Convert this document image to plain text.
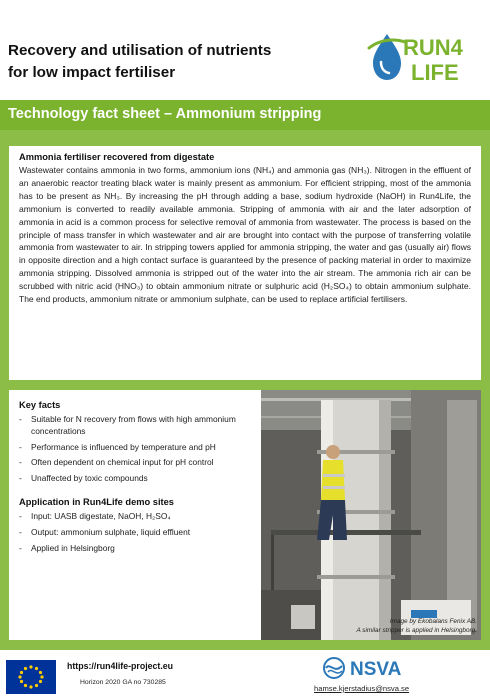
Recovery and utilisation of nutrients
for low impact fertiliser
RUN4
LIFE
Technology fact sheet – Ammonium stripping
Ammonia fertiliser recovered from digestate

Wastewater contains ammonia in two forms, ammonium ions (NH₄) and ammonia gas (NH₃). Nitrogen in the effluent of an anaerobic reactor treating black water is mainly present as ammonium. For efficient stripping, most of the ammonia has to be present as NH₃. By increasing the pH through adding a base, sodium hydroxide (NaOH) in Run4Life, the ammonium is converted to readily available ammonia. Stripping of ammonia with air and the later adsorption of ammonia in acid is a common process for selective removal of ammonia from wastewater. The process is based on the principle of mass transfer in which wastewater and air are brought into contact with the purpose of transferring volatile ammonia from wastewater to air. In stripping towers applied for ammonia stripping, the water and gas (usually air) flows in opposite direction and a high contact surface is guaranteed by the presence of packing material in order to maximize ammonia stripping. Dissolved ammonia is stripped out of the water into the air stream. The ammonia rich air can be scrubbed with nitric acid (HNO₃) to obtain ammonium nitrate or sulphuric acid (H₂SO₄) to obtain ammonium sulphate. The end products, ammonium nitrate or ammonium sulphate, can be used to replace artificial fertilisers.

Key facts
- Suitable for N recovery from flows with high ammonium concentrations
- Performance is influenced by temperature and pH
- Often dependent on chemical input for pH control
- Unaffected by toxic compounds
Application in Run4Life demo sites
- Input: UASB digestate, NaOH, H₂SO₄
- Output: ammonium sulphate, liquid effluent
- Applied in Helsingborg
Image by Ekobalans Fenix AB.
A similar stripper is applied in Helsingborg.
https://run4life-project.eu
Horizon 2020 GA no 730285
NSVA
hamse.kjerstadius@nsva.se
